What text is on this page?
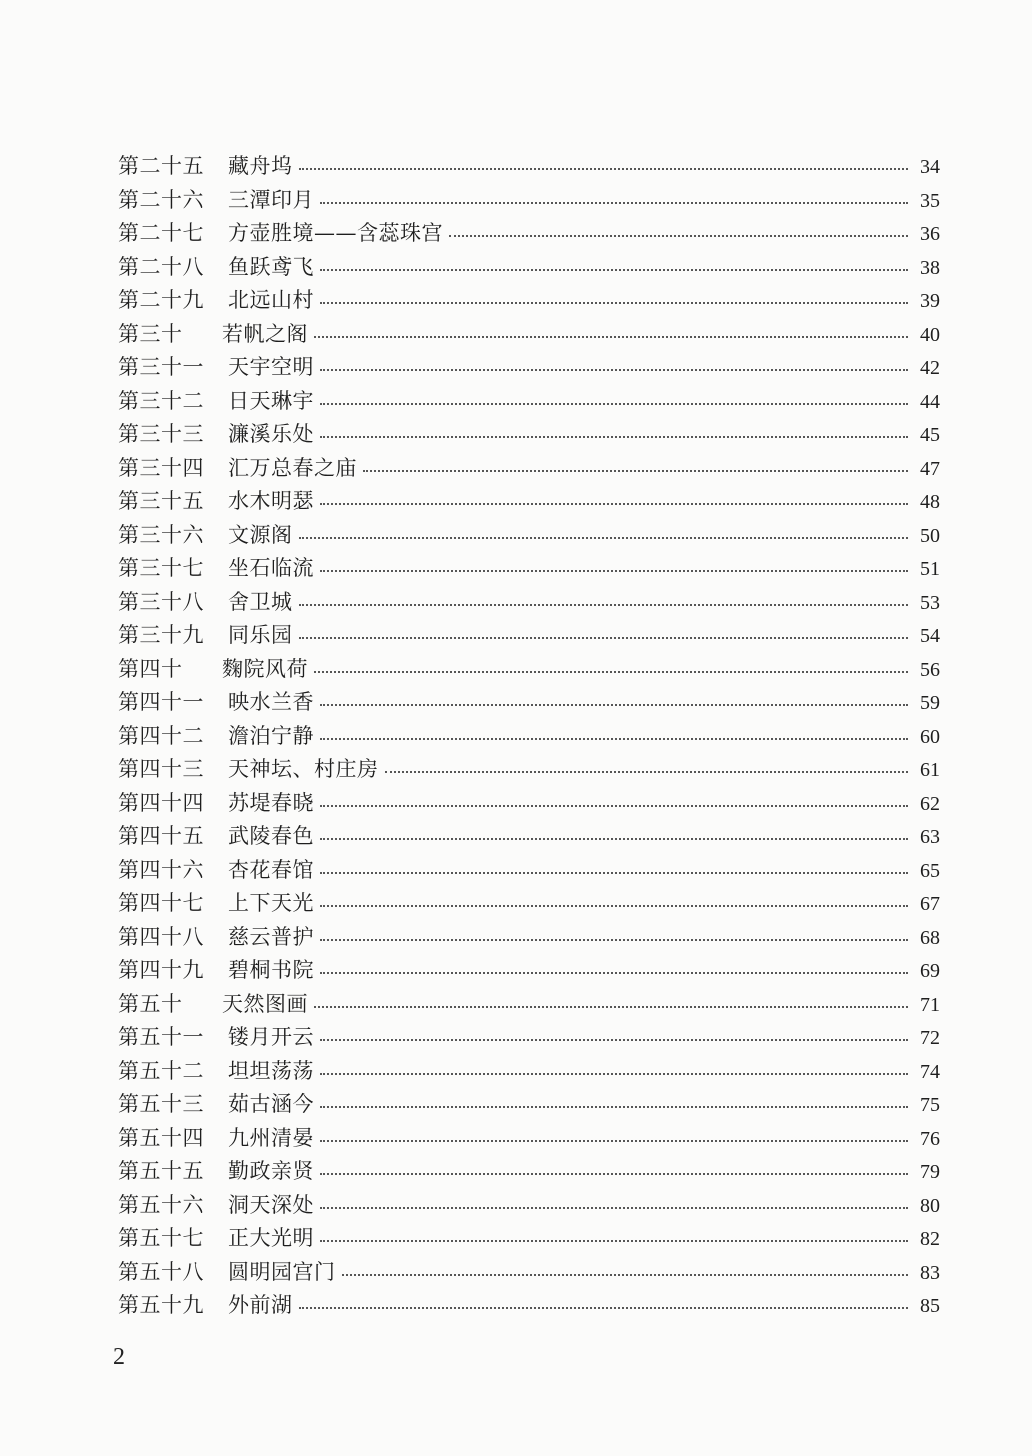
第二十五	藏舟坞	34
第二十六	三潭印月	35
第二十七	方壶胜境——含蕊珠宫	36
第二十八	鱼跃鸢飞	38
第二十九	北远山村	39
第三十	若帆之阁	40
第三十一	天宇空明	42
第三十二	日天琳宇	44
第三十三	濂溪乐处	45
第三十四	汇万总春之庙	47
第三十五	水木明瑟	48
第三十六	文源阁	50
第三十七	坐石临流	51
第三十八	舍卫城	53
第三十九	同乐园	54
第四十	麴院风荷	56
第四十一	映水兰香	59
第四十二	澹泊宁静	60
第四十三	天神坛、村庄房	61
第四十四	苏堤春晓	62
第四十五	武陵春色	63
第四十六	杏花春馆	65
第四十七	上下天光	67
第四十八	慈云普护	68
第四十九	碧桐书院	69
第五十	天然图画	71
第五十一	镂月开云	72
第五十二	坦坦荡荡	74
第五十三	茹古涵今	75
第五十四	九州清晏	76
第五十五	勤政亲贤	79
第五十六	洞天深处	80
第五十七	正大光明	82
第五十八	圆明园宫门	83
第五十九	外前湖	85
2
